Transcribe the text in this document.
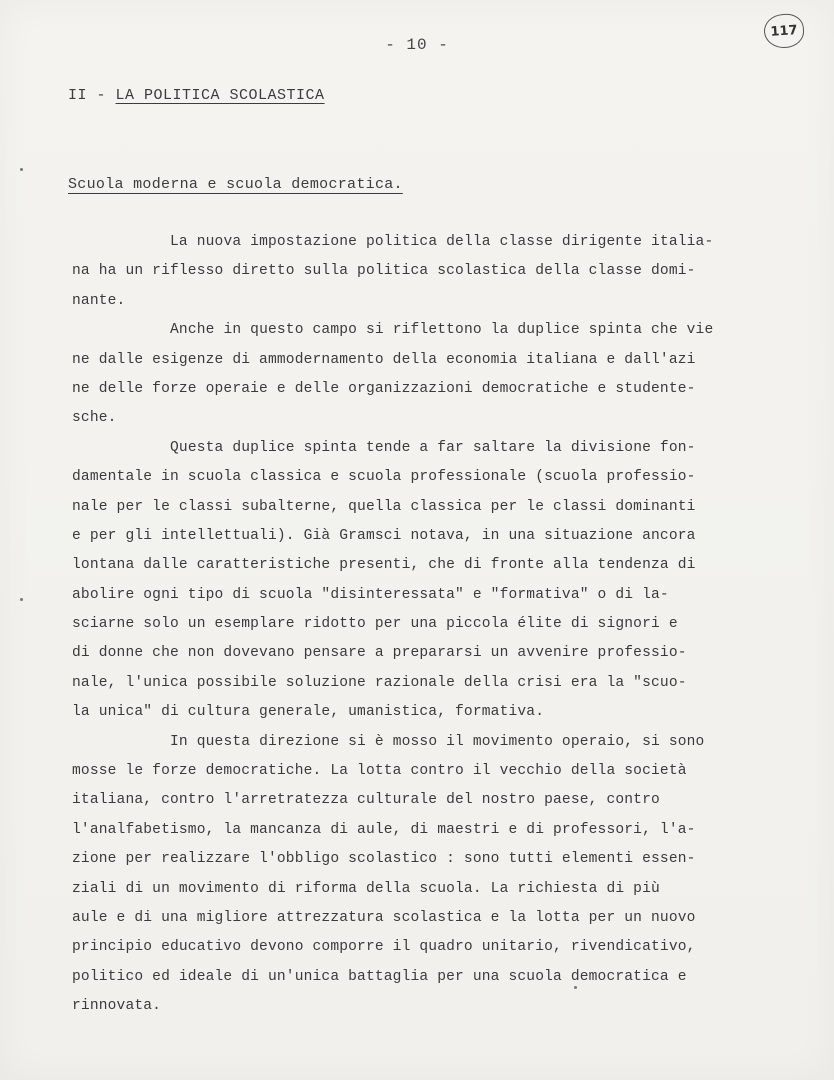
- 10 -
117
II - LA POLITICA SCOLASTICA
Scuola moderna e scuola democratica.
La nuova impostazione politica della classe dirigente italia-
na ha un riflesso diretto sulla politica scolastica della classe domi-
nante.
Anche in questo campo si riflettono la duplice spinta che vie
ne dalle esigenze di ammodernamento della economia italiana e dall'azi
ne delle forze operaie e delle organizzazioni democratiche e studente-
sche.
Questa duplice spinta tende a far saltare la divisione fon-
damentale in scuola classica e scuola professionale (scuola professio-
nale per le classi subalterne, quella classica per le classi dominanti
e per gli intellettuali). Già Gramsci notava, in una situazione ancora
lontana dalle caratteristiche presenti, che di fronte alla tendenza di
abolire ogni tipo di scuola "disinteressata" e "formativa" o di la-
sciarne solo un esemplare ridotto per una piccola élite di signori e
di donne che non dovevano pensare a prepararsi un avvenire professio-
nale, l'unica possibile soluzione razionale della crisi era la "scuo-
la unica" di cultura generale, umanistica, formativa.
In questa direzione si è mosso il movimento operaio, si sono
mosse le forze democratiche. La lotta contro il vecchio della società
italiana, contro l'arretratezza culturale del nostro paese, contro
l'analfabetismo, la mancanza di aule, di maestri e di professori, l'a-
zione per realizzare l'obbligo scolastico : sono tutti elementi essen-
ziali di un movimento di riforma della scuola. La richiesta di più
aule e di una migliore attrezzatura scolastica e la lotta per un nuovo
principio educativo devono comporre il quadro unitario, rivendicativo,
politico ed ideale di un'unica battaglia per una scuola democratica e
rinnovata.
